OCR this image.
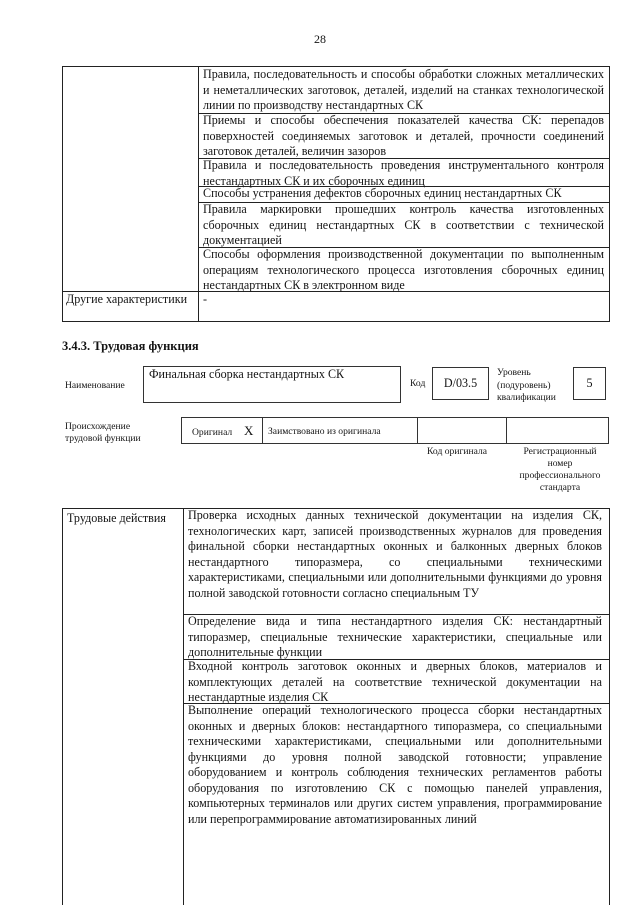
28
Правила, последовательность и способы обработки сложных металлических и неметаллических заготовок, деталей, изделий на станках технологической линии по производству нестандартных СК
Приемы и способы обеспечения показателей качества СК: перепадов поверхностей соединяемых заготовок и деталей, прочности соединений заготовок деталей, величин зазоров
Правила и последовательность проведения инструментального контроля нестандартных СК и их сборочных единиц
Способы устранения дефектов сборочных единиц нестандартных СК
Правила маркировки прошедших контроль качества изготовленных сборочных единиц нестандартных СК в соответствии с технической документацией
Способы оформления производственной документации по выполненным операциям технологического процесса изготовления сборочных единиц нестандартных СК в электронном виде
Другие характеристики	-
3.4.3. Трудовая функция
Наименование
Финальная сборка нестандартных СК
Код	D/03.5
Уровень (подуровень) квалификации
5
Происхождение трудовой функции
Оригинал X Заимствовано из оригинала
Код оригинала	Регистрационный номер профессионального стандарта
Трудовые действия	Проверка исходных данных технической документации на изделия СК, технологических карт, записей производственных журналов для проведения финальной сборки нестандартных оконных и балконных дверных блоков нестандартного типоразмера, со специальными техническими характеристиками, специальными или дополнительными функциями до уровня полной заводской готовности согласно специальным ТУ
Определение вида и типа нестандартного изделия СК: нестандартный типоразмер, специальные технические характеристики, специальные или дополнительные функции
Входной контроль заготовок оконных и дверных блоков, материалов и комплектующих деталей на соответствие технической документации на нестандартные изделия СК
Выполнение операций технологического процесса сборки нестандартных оконных и дверных блоков: нестандартного типоразмера, со специальными техническими характеристиками, специальными или дополнительными функциями до уровня полной заводской готовности; управление оборудованием и контроль соблюдения технических регламентов работы оборудования по изготовлению СК с помощью панелей управления, компьютерных терминалов или других систем управления, программирование или перепрограммирование автоматизированных линий
